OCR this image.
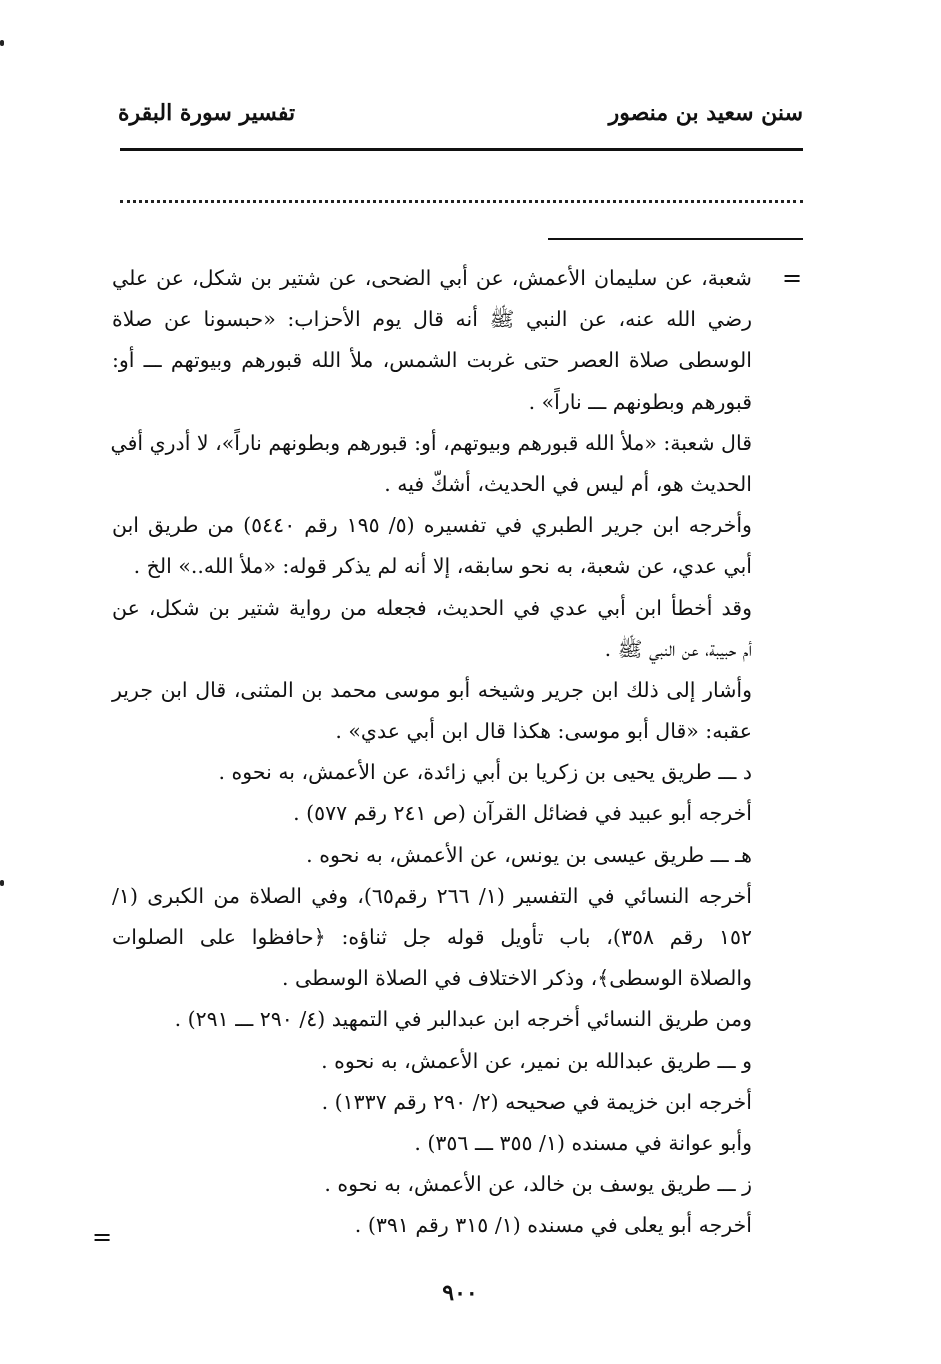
سنن سعيد بن منصور
تفسير سورة البقرة
=
=
شعبة، عن سليمان الأعمش، عن أبي الضحى، عن شتير بن شكل، عن علي
رضي الله عنه، عن النبي ﷺ أنه قال يوم الأحزاب: «حبسونا عن صلاة
الوسطى صلاة العصر حتى غربت الشمس، ملأ الله قبورهم وبيوتهم ـــ أو:
قبورهم وبطونهم ـــ ناراً» .
قال شعبة: «ملأ الله قبورهم وبيوتهم، أو: قبورهم وبطونهم ناراً»، لا أدري أفي
الحديث هو، أم ليس في الحديث، أشكّ فيه .
وأخرجه ابن جرير الطبري في تفسيره (٥/ ١٩٥ رقم ٥٤٤٠) من طريق ابن
أبي عدي، عن شعبة، به نحو سابقه، إلا أنه لم يذكر قوله: «ملأ الله..» الخ .
وقد أخطأ ابن أبي عدي في الحديث، فجعله من رواية شتير بن شكل، عن
أم حبيبة، عن النبي ﷺ .
وأشار إلى ذلك ابن جرير وشيخه أبو موسى محمد بن المثنى، قال ابن جرير
عقبه: «قال أبو موسى: هكذا قال ابن أبي عدي» .
د ـــ طريق يحيى بن زكريا بن أبي زائدة، عن الأعمش، به نحوه .
أخرجه أبو عبيد في فضائل القرآن (ص ٢٤١ رقم ٥٧٧) .
هـ ـــ طريق عيسى بن يونس، عن الأعمش، به نحوه .
أخرجه النسائي في التفسير (١/ ٢٦٦ رقم٦٥)، وفي الصلاة من الكبرى (١/
١٥٢ رقم ٣٥٨)، باب تأويل قوله جل ثناؤه: ﴿حافظوا على الصلوات
والصلاة الوسطى﴾، وذكر الاختلاف في الصلاة الوسطى .
ومن طريق النسائي أخرجه ابن عبدالبر في التمهيد (٤/ ٢٩٠ ـــ ٢٩١) .
و ـــ طريق عبدالله بن نمير، عن الأعمش، به نحوه .
أخرجه ابن خزيمة في صحيحه (٢/ ٢٩٠ رقم ١٣٣٧) .
وأبو عوانة في مسنده (١/ ٣٥٥ ـــ ٣٥٦) .
ز ـــ طريق يوسف بن خالد، عن الأعمش، به نحوه .
أخرجه أبو يعلى في مسنده (١/ ٣١٥ رقم ٣٩١) .
٩٠٠
